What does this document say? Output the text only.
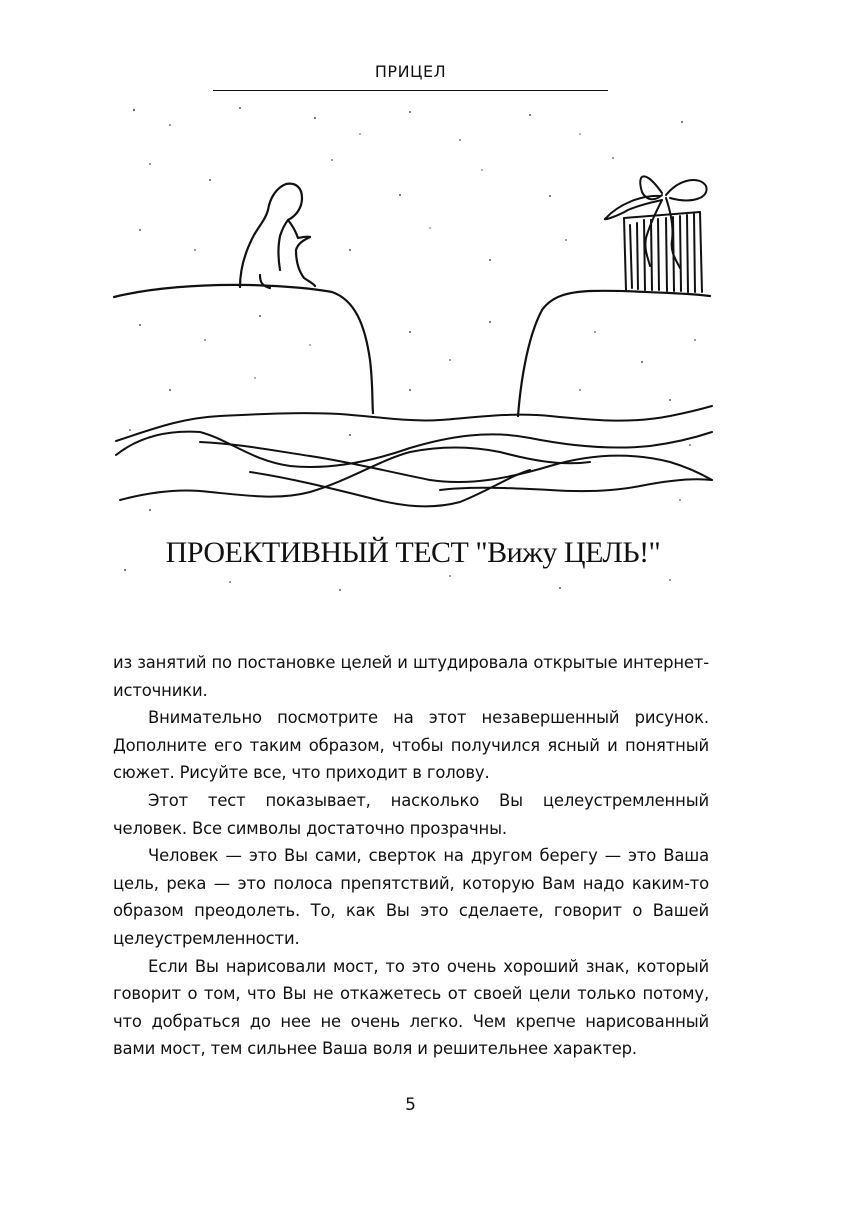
ПРИЦЕЛ
ПРОЕКТИВНЫЙ ТЕСТ "Вижу ЦЕЛЬ!"

из занятий по постановке целей и штудировала открытые интернет-источники.

Внимательно посмотрите на этот незавершенный рисунок. Дополните его таким образом, чтобы получился ясный и понятный сюжет. Рисуйте все, что приходит в голову.

Этот тест показывает, насколько Вы целеустремленный человек. Все символы достаточно прозрачны.

Человек — это Вы сами, сверток на другом берегу — это Ваша цель, река — это полоса препятствий, которую Вам надо каким-то образом преодолеть. То, как Вы это сделаете, говорит о Вашей целеустремленности.

Если Вы нарисовали мост, то это очень хороший знак, который говорит о том, что Вы не откажетесь от своей цели только потому, что добраться до нее не очень легко. Чем крепче нарисованный вами мост, тем сильнее Ваша воля и решительнее характер.

5
